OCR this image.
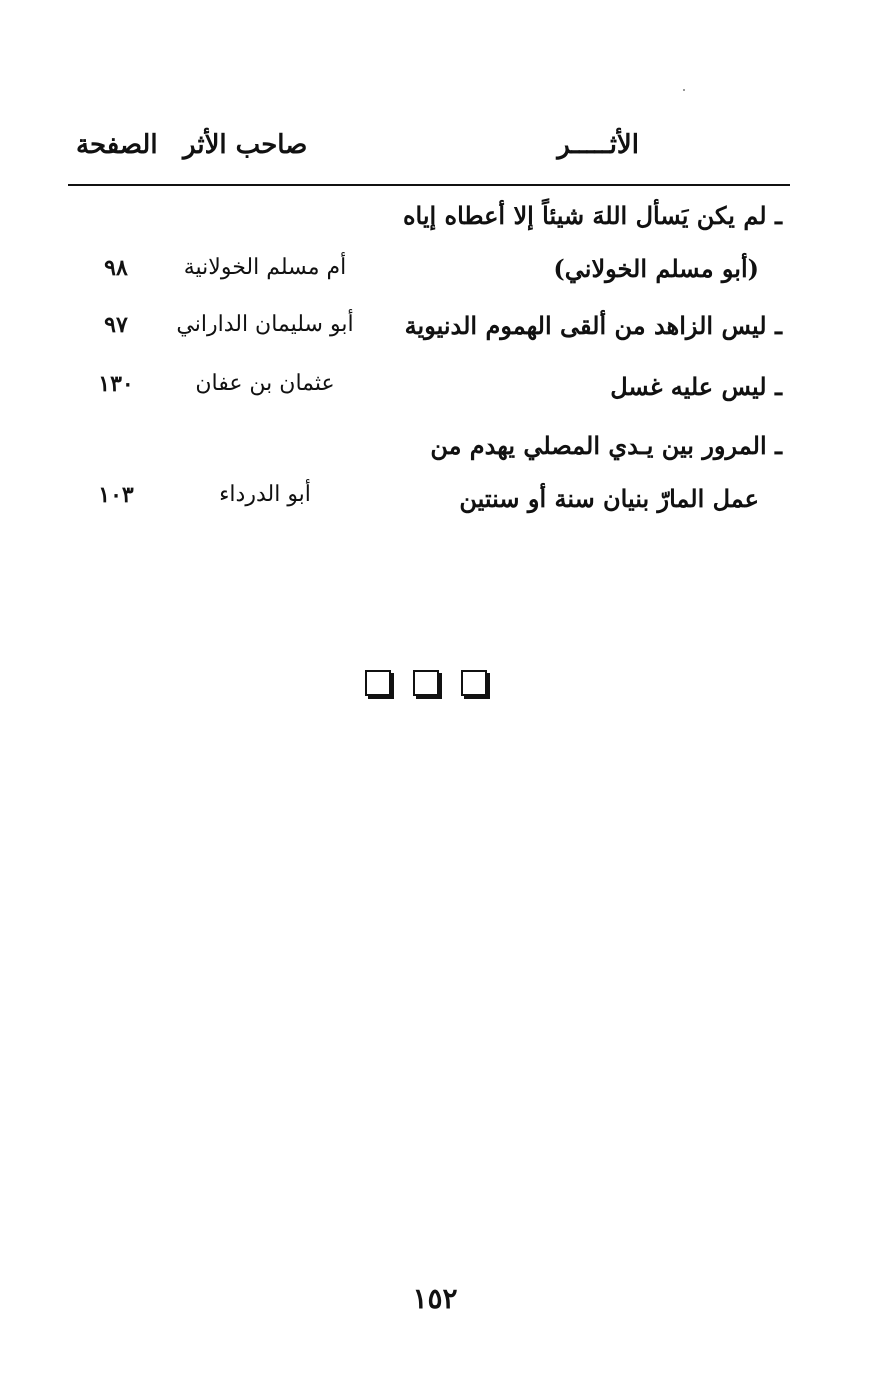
الأثـــــر
صاحب الأثر
الصفحة
ـ لم يكن يَسأل اللهَ شيئاً إلا أعطاه إياه
(أبو مسلم الخولاني)
أم مسلم الخولانية
٩٨
ـ ليس الزاهد من ألقى الهموم الدنيوية
أبو سليمان الداراني
٩٧
ـ ليس عليه غسل
عثمان بن عفان
١٣٠
ـ المرور بين يـدي المصلي يهدم من
عمل المارّ بنيان سنة أو سنتين
أبو الدرداء
١٠٣
١٥٢
